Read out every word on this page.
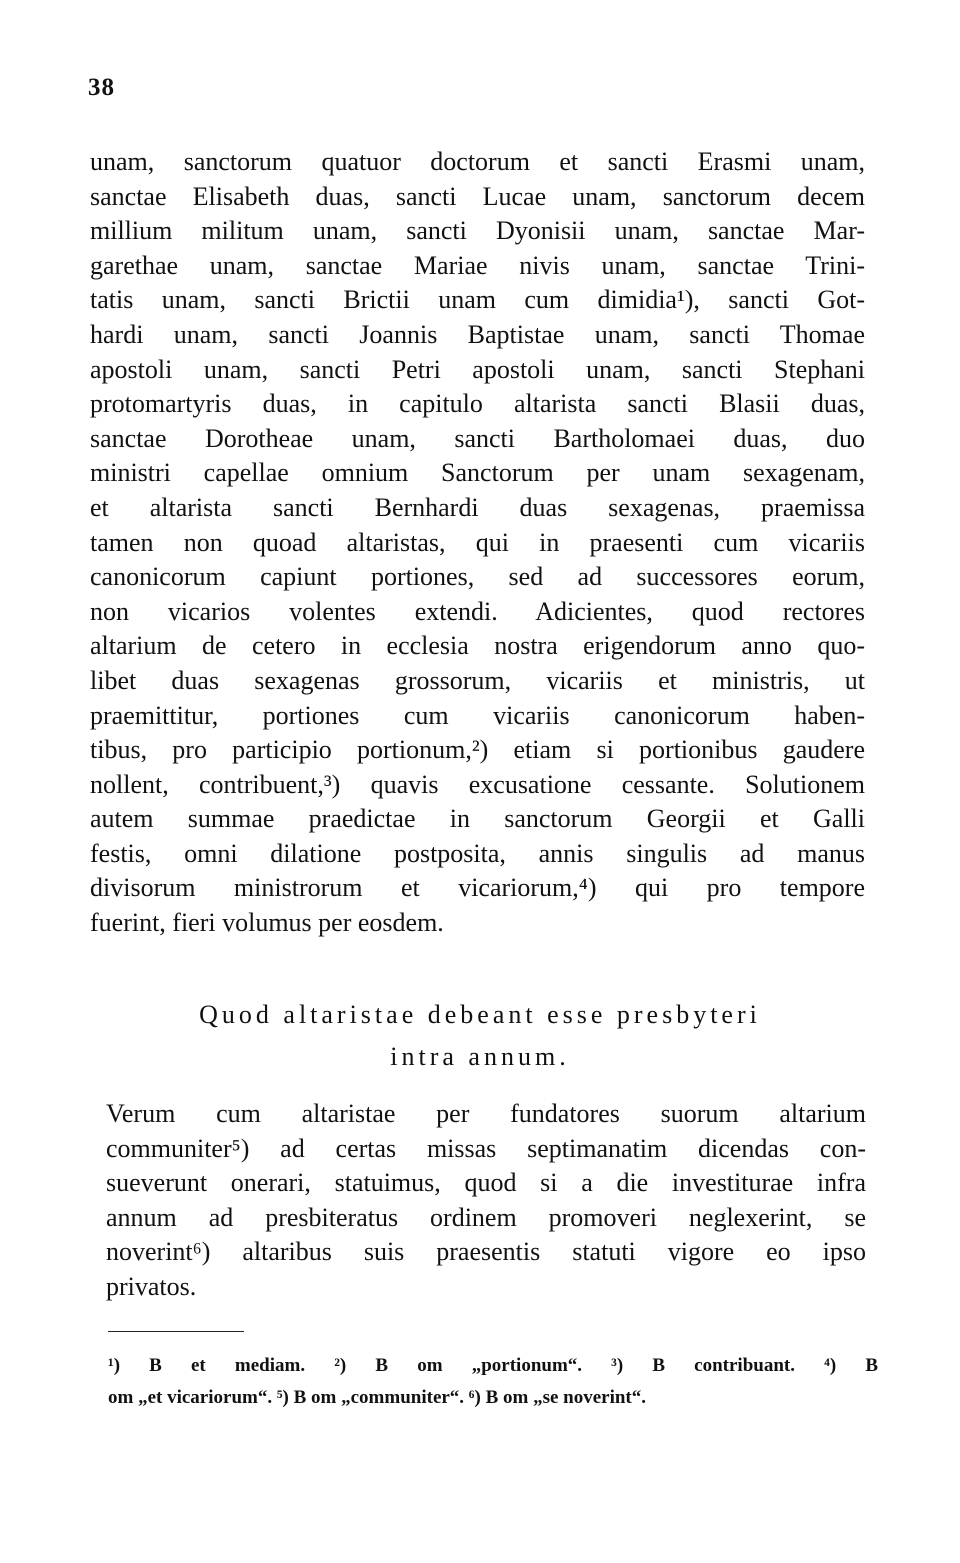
38
unam, sanctorum quatuor doctorum et sancti Erasmi unam,
sanctae Elisabeth duas, sancti Lucae unam, sanctorum decem
millium militum unam, sancti Dyonisii unam, sanctae Mar-
garethae unam, sanctae Mariae nivis unam, sanctae Trini-
tatis unam, sancti Brictii unam cum dimidia¹), sancti Got-
hardi unam, sancti Joannis Baptistae unam, sancti Thomae
apostoli unam, sancti Petri apostoli unam, sancti Stephani
protomartyris duas, in capitulo altarista sancti Blasii duas,
sanctae Dorotheae unam, sancti Bartholomaei duas, duo
ministri capellae omnium Sanctorum per unam sexagenam,
et altarista sancti Bernhardi duas sexagenas, praemissa
tamen non quoad altaristas, qui in praesenti cum vicariis
canonicorum capiunt portiones, sed ad successores eorum,
non vicarios volentes extendi. Adicientes, quod rectores
altarium de cetero in ecclesia nostra erigendorum anno quo-
libet duas sexagenas grossorum, vicariis et ministris, ut
praemittitur, portiones cum vicariis canonicorum haben-
tibus, pro participio portionum,²) etiam si portionibus gaudere
nollent, contribuent,³) quavis excusatione cessante. Solutionem
autem summae praedictae in sanctorum Georgii et Galli
festis, omni dilatione postposita, annis singulis ad manus
divisorum ministrorum et vicariorum,⁴) qui pro tempore
fuerint, fieri volumus per eosdem.
Quod altaristae debeant esse presbyteri
intra annum.
Verum cum altaristae per fundatores suorum altarium
communiter⁵) ad certas missas septimanatim dicendas con-
sueverunt onerari, statuimus, quod si a die investiturae infra
annum ad presbiteratus ordinem promoveri neglexerint, se
noverint⁶) altaribus suis praesentis statuti vigore eo ipso
privatos.
¹) B et mediam. ²) B om „portionum“. ³) B contribuant. ⁴) B
om „et vicariorum“. ⁵) B om „communiter“. ⁶) B om „se noverint“.
